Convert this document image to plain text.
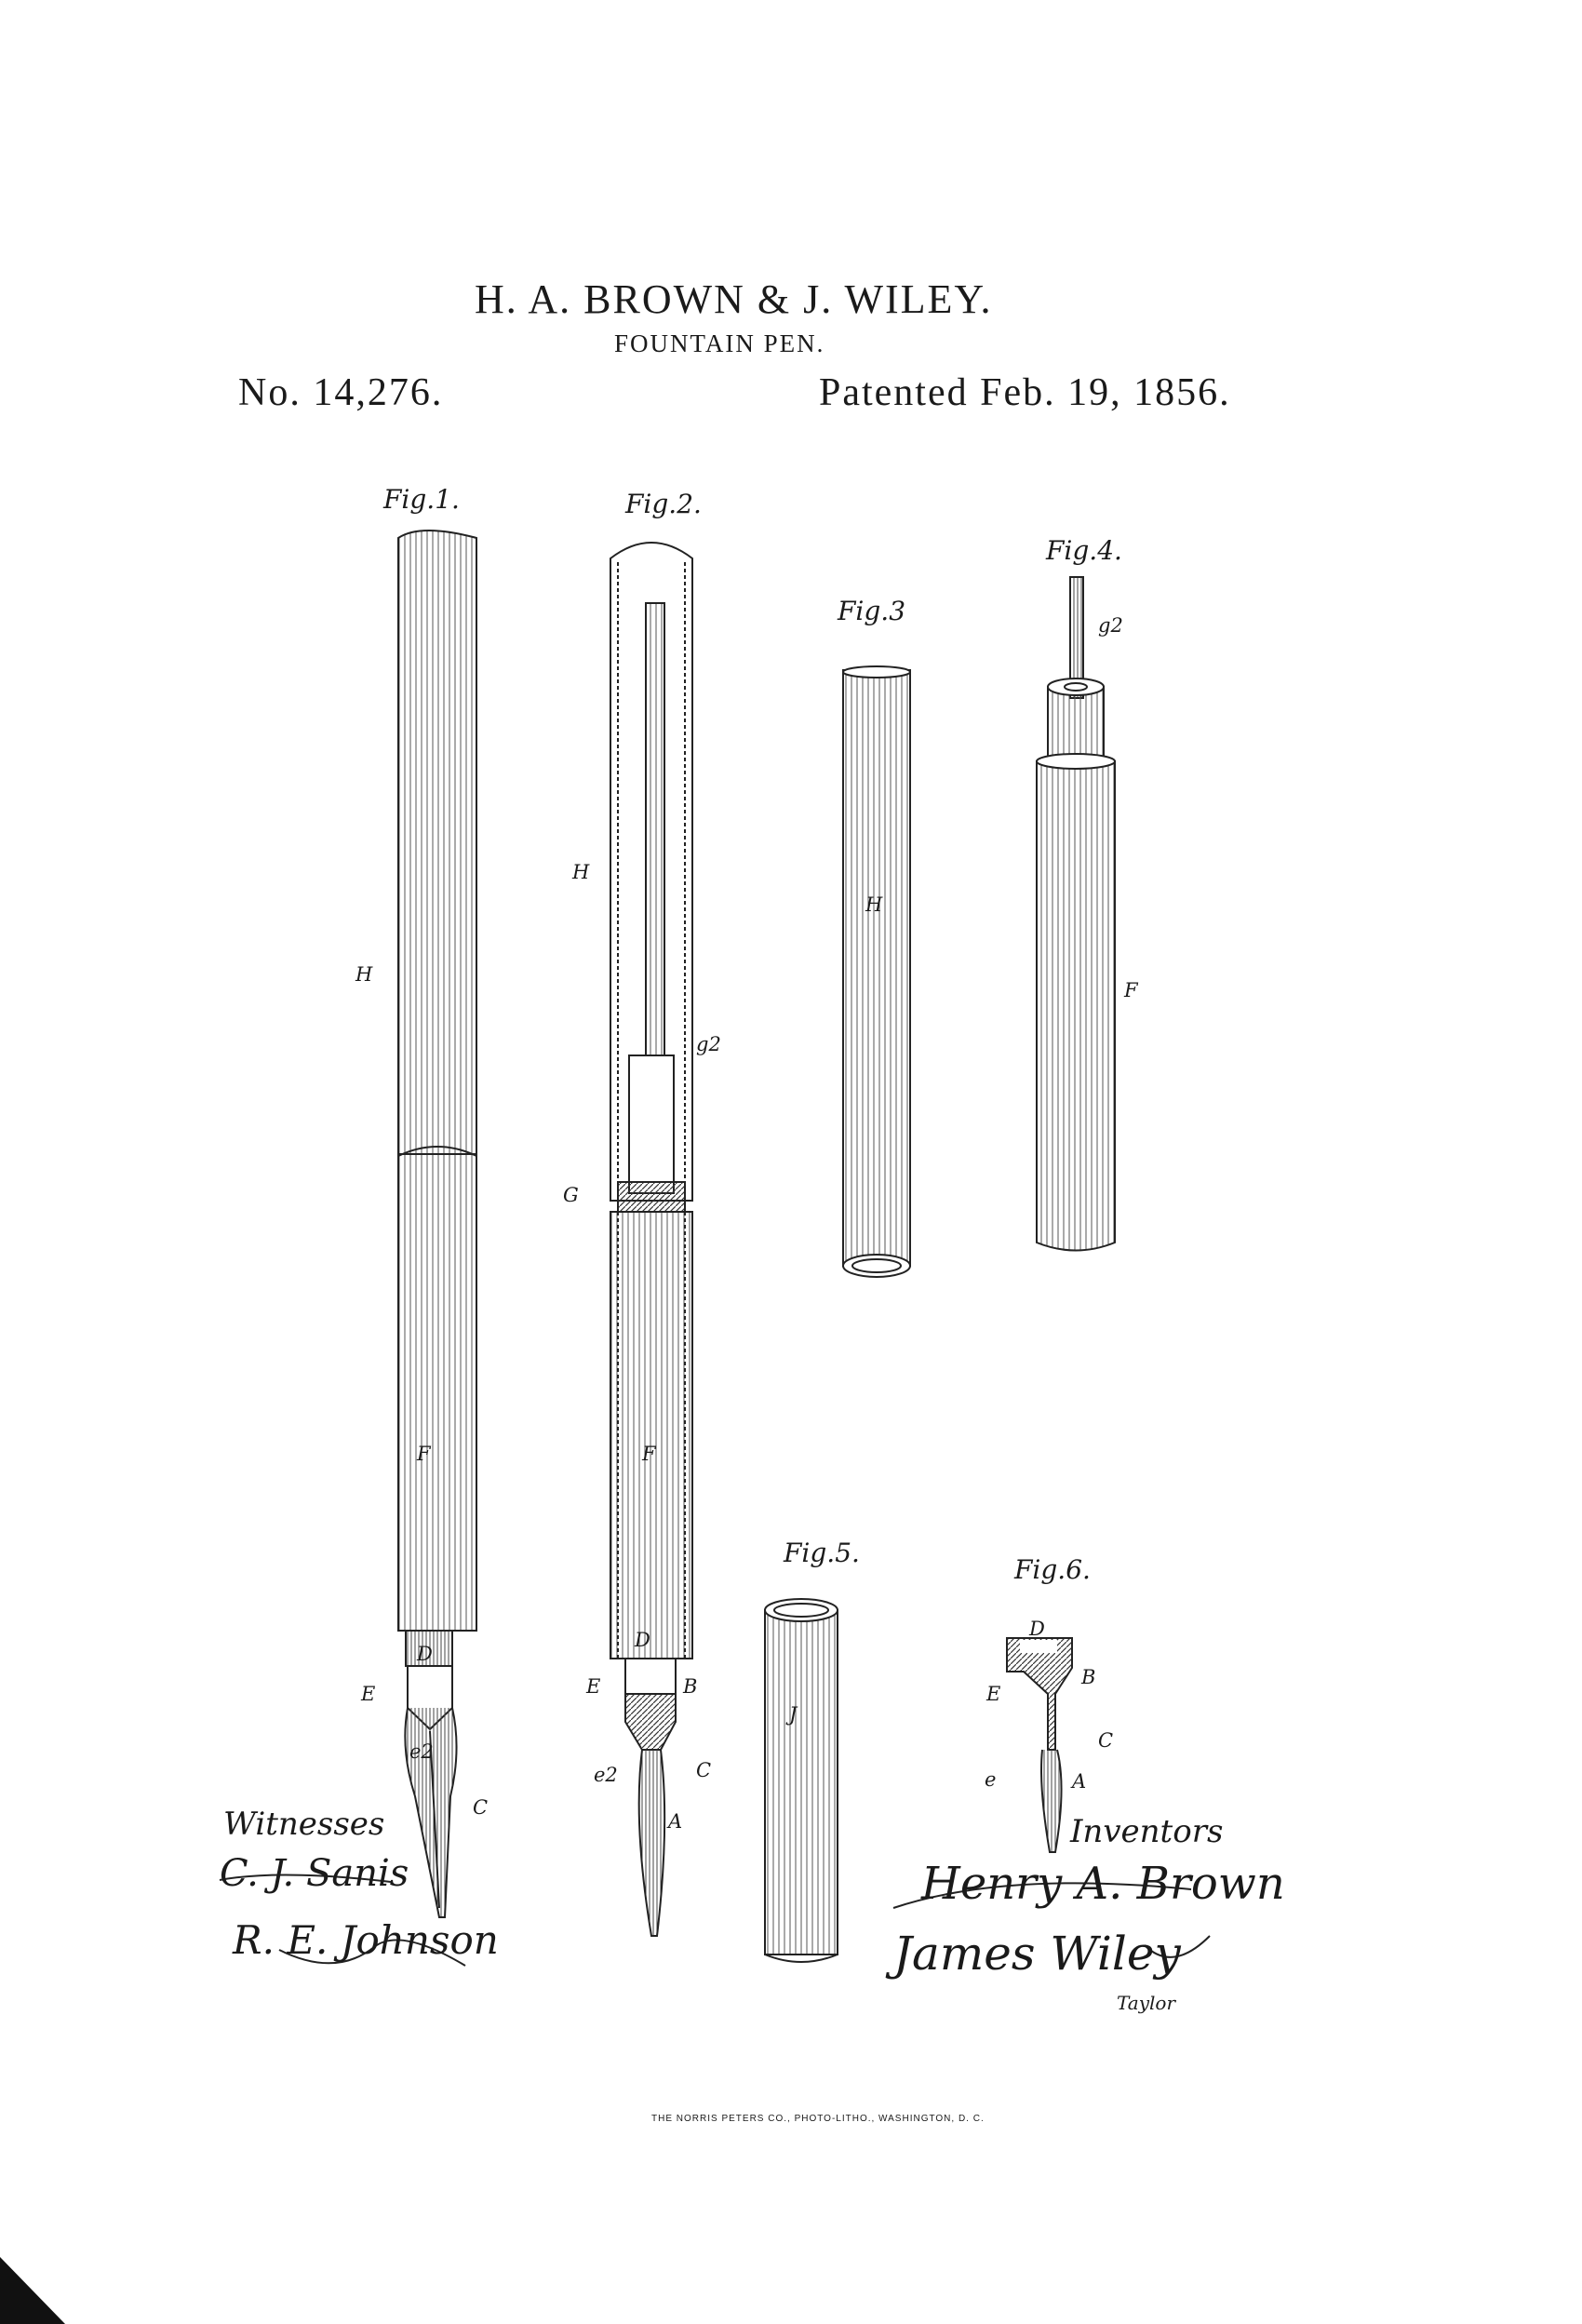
H. A. BROWN & J. WILEY.
FOUNTAIN PEN.
No. 14,276.	Patented Feb. 19, 1856.
Fig.1.	Fig.2.
Fig.3
Fig.4.
Fig.5.
Fig.6.
H
F
D
E
e2
C
H
g2
G
F
D
E	B
e2	C
A
H
g2
F
J
D
B
E
C
e	A
Witnesses
C. J. Sanis
R. E. Johnson
Inventors
Henry A. Brown
James Wiley
Taylor
THE NORRIS PETERS CO., PHOTO-LITHO., WASHINGTON, D. C.
